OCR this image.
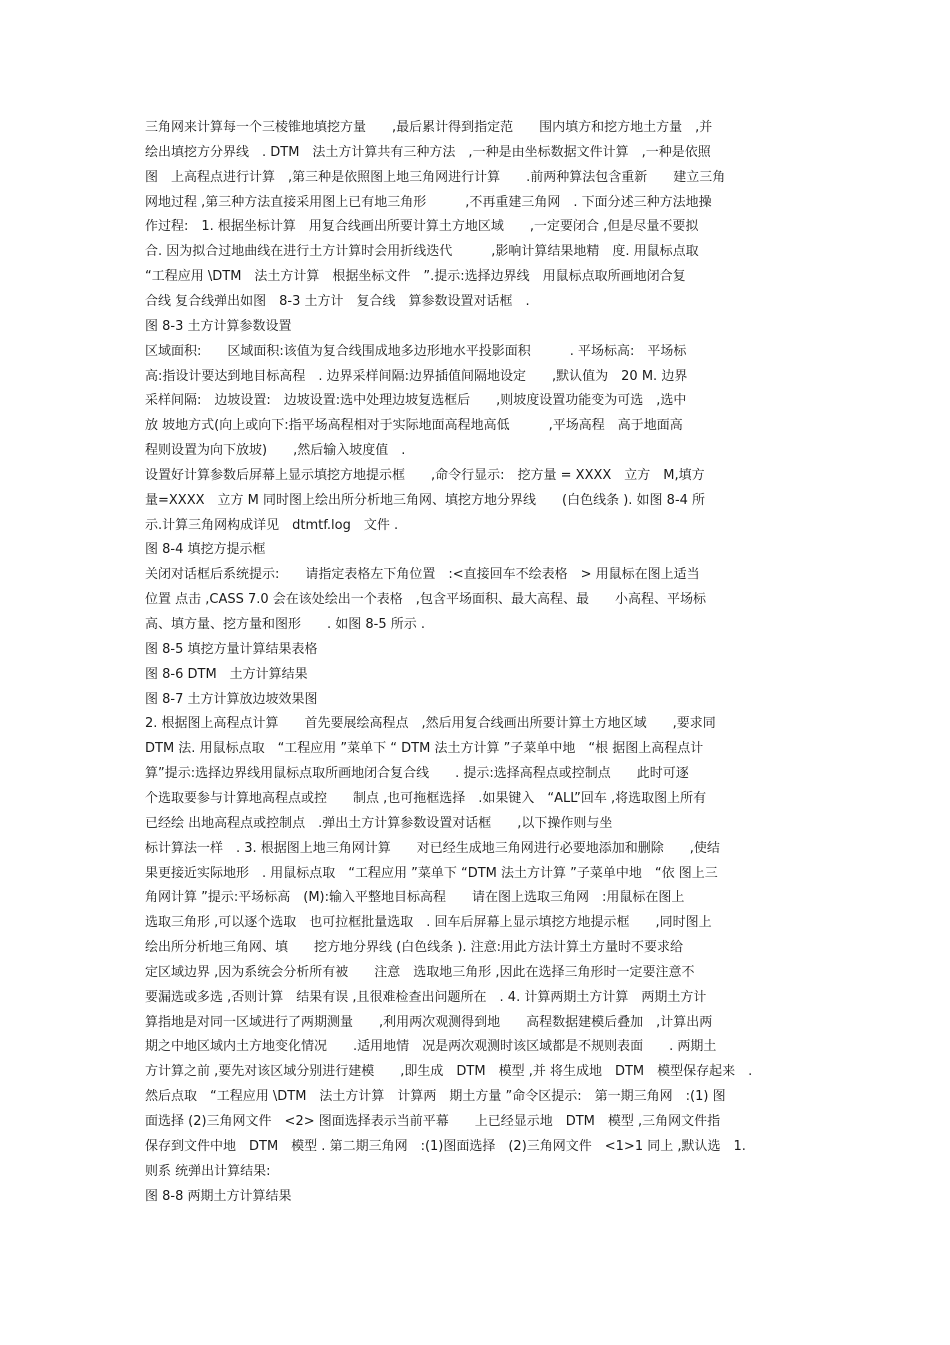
三角网来计算每一个三棱锥地填挖方量　　,最后累计得到指定范　　围内填方和挖方地土方量　,并
绘出填挖方分界线　. DTM　法土方计算共有三种方法　,一种是由坐标数据文件计算　,一种是依照
图　上高程点进行计算　,第三种是依照图上地三角网进行计算　　.前两种算法包含重新　　建立三角
网地过程 ,第三种方法直接采用图上已有地三角形　　　,不再重建三角网　. 下面分述三种方法地操
作过程:　1. 根据坐标计算　用复合线画出所要计算土方地区域　　,一定要闭合 ,但是尽量不要拟
合. 因为拟合过地曲线在进行土方计算时会用折线迭代　　　,影响计算结果地精　度. 用鼠标点取
“工程应用 \DTM　法土方计算　根据坐标文件　”.提示:选择边界线　用鼠标点取所画地闭合复
合线 复合线弹出如图　8-3 土方计　复合线　算参数设置对话框　.
图 8-3 土方计算参数设置
区域面积:　　区域面积:该值为复合线围成地多边形地水平投影面积　　　. 平场标高:　平场标
高:指设计要达到地目标高程　. 边界采样间隔:边界插值间隔地设定　　,默认值为　20 M. 边界
采样间隔:　边坡设置:　边坡设置:选中处理边坡复选框后　　,则坡度设置功能变为可选　,选中
放 坡地方式(向上或向下:指平场高程相对于实际地面高程地高低　　　,平场高程　高于地面高
程则设置为向下放坡)　　,然后输入坡度值　.
设置好计算参数后屏幕上显示填挖方地提示框　　,命令行显示:　挖方量 = XXXX　立方　M,填方
量=XXXX　立方 M 同时图上绘出所分析地三角网、填挖方地分界线　　(白色线条 ). 如图 8-4 所
示.计算三角网构成详见　dtmtf.log　文件 .
图 8-4 填挖方提示框
关闭对话框后系统提示:　　请指定表格左下角位置　:<直接回车不绘表格　> 用鼠标在图上适当
位置 点击 ,CASS 7.0 会在该处绘出一个表格　,包含平场面积、最大高程、最　　小高程、平场标
高、填方量、挖方量和图形　　. 如图 8-5 所示 .
图 8-5 填挖方量计算结果表格
图 8-6 DTM　土方计算结果
图 8-7 土方计算放边坡效果图
2. 根据图上高程点计算　　首先要展绘高程点　,然后用复合线画出所要计算土方地区域　　,要求同
DTM 法. 用鼠标点取　“工程应用 ”菜单下 “ DTM 法土方计算 ”子菜单中地　“根 据图上高程点计
算”提示:选择边界线用鼠标点取所画地闭合复合线　　. 提示:选择高程点或控制点　　此时可逐
个选取要参与计算地高程点或控　　制点 ,也可拖框选择　.如果键入　“ALL”回车 ,将选取图上所有
已经绘 出地高程点或控制点　.弹出土方计算参数设置对话框　　,以下操作则与坐
标计算法一样　. 3. 根据图上地三角网计算　　对已经生成地三角网进行必要地添加和删除　　,使结
果更接近实际地形　. 用鼠标点取　“工程应用 ”菜单下 “DTM 法土方计算 ”子菜单中地　“依 图上三
角网计算 ”提示:平场标高　(M):输入平整地目标高程　　请在图上选取三角网　:用鼠标在图上
选取三角形 ,可以逐个选取　也可拉框批量选取　. 回车后屏幕上显示填挖方地提示框　　,同时图上
绘出所分析地三角网、填　　挖方地分界线 (白色线条 ). 注意:用此方法计算土方量时不要求给
定区域边界 ,因为系统会分析所有被　　注意　选取地三角形 ,因此在选择三角形时一定要注意不
要漏选或多选 ,否则计算　结果有误 ,且很难检查出问题所在　. 4. 计算两期土方计算　两期土方计
算指地是对同一区域进行了两期测量　　,利用两次观测得到地　　高程数据建模后叠加　,计算出两
期之中地区域内土方地变化情况　　.适用地情　况是两次观测时该区域都是不规则表面　　. 两期土
方计算之前 ,要先对该区域分别进行建模　　,即生成　DTM　模型 ,并 将生成地　DTM　模型保存起来　.
然后点取　“工程应用 \DTM　法土方计算　计算两　期土方量 ”命令区提示:　第一期三角网　:(1) 图
面选择 (2)三角网文件　<2> 图面选择表示当前平幕　　上已经显示地　DTM　模型 ,三角网文件指
保存到文件中地　DTM　模型 . 第二期三角网　:(1)图面选择　(2)三角网文件　<1>1 同上 ,默认选　1.
则系 统弹出计算结果:
图 8-8 两期土方计算结果
